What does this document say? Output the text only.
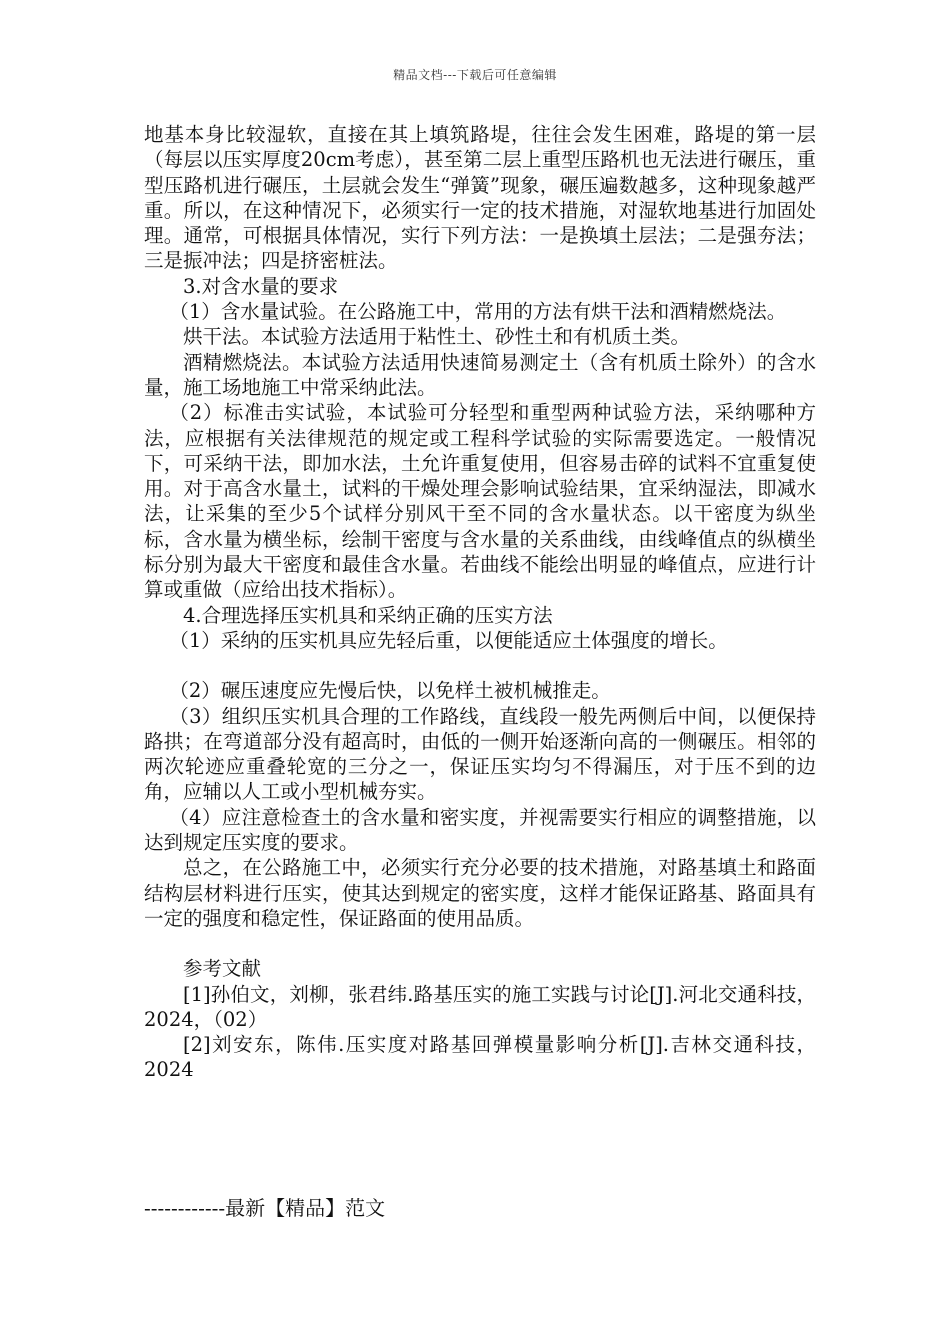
精品文档---下载后可任意编辑

地基本身比较湿软，直接在其上填筑路堤，往往会发生困难，路堤的第一层（每层以压实厚度20cm考虑），甚至第二层上重型压路机也无法进行碾压，重型压路机进行碾压，土层就会发生“弹簧”现象，碾压遍数越多，这种现象越严重。所以，在这种情况下，必须实行一定的技术措施，对湿软地基进行加固处理。通常，可根据具体情况，实行下列方法：一是换填土层法；二是强夯法；三是振冲法；四是挤密桩法。

3.对含水量的要求

（1）含水量试验。在公路施工中，常用的方法有烘干法和酒精燃烧法。

烘干法。本试验方法适用于粘性土、砂性土和有机质土类。

酒精燃烧法。本试验方法适用快速简易测定土（含有机质土除外）的含水量，施工场地施工中常采纳此法。

（2）标准击实试验，本试验可分轻型和重型两种试验方法，采纳哪种方法，应根据有关法律规范的规定或工程科学试验的实际需要选定。一般情况下，可采纳干法，即加水法，土允许重复使用，但容易击碎的试料不宜重复使用。对于高含水量土，试料的干燥处理会影响试验结果，宜采纳湿法，即减水法，让采集的至少5个试样分别风干至不同的含水量状态。以干密度为纵坐标，含水量为横坐标，绘制干密度与含水量的关系曲线，由线峰值点的纵横坐标分别为最大干密度和最佳含水量。若曲线不能绘出明显的峰值点，应进行计算或重做（应给出技术指标）。

4.合理选择压实机具和采纳正确的压实方法

（1）采纳的压实机具应先轻后重，以便能适应土体强度的增长。

（2）碾压速度应先慢后快，以免样土被机械推走。

（3）组织压实机具合理的工作路线，直线段一般先两侧后中间，以便保持路拱；在弯道部分没有超高时，由低的一侧开始逐渐向高的一侧碾压。相邻的两次轮迹应重叠轮宽的三分之一，保证压实均匀不得漏压，对于压不到的边角，应辅以人工或小型机械夯实。

（4）应注意检查土的含水量和密实度，并视需要实行相应的调整措施，以达到规定压实度的要求。

总之，在公路施工中，必须实行充分必要的技术措施，对路基填土和路面结构层材料进行压实，使其达到规定的密实度，这样才能保证路基、路面具有一定的强度和稳定性，保证路面的使用品质。

参考文献

[1]孙伯文，刘柳，张君纬.路基压实的施工实践与讨论[J].河北交通科技，2024，（02）

[2]刘安东，陈伟.压实度对路基回弹模量影响分析[J].吉林交通科技，2024

------------最新【精品】范文
